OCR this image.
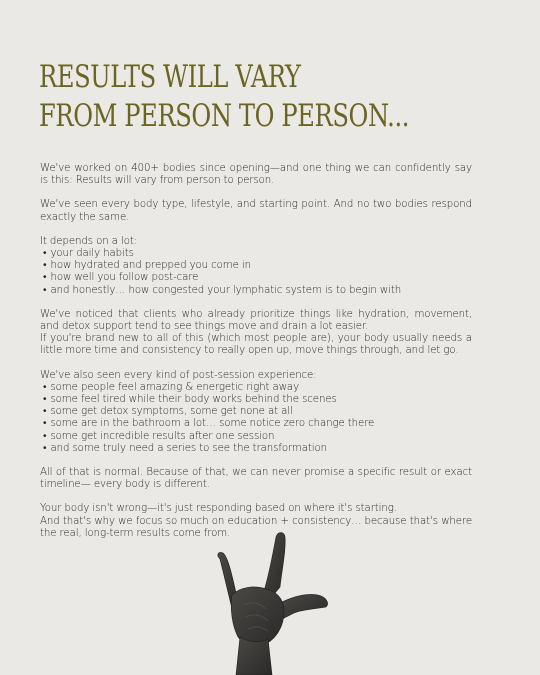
RESULTS WILL VARY
FROM PERSON TO PERSON...

We've worked on 400+ bodies since opening—and one thing we can confidently say is this: Results will vary from person to person.

We've seen every body type, lifestyle, and starting point. And no two bodies respond exactly the same.

It depends on a lot:

• your daily habits
• how hydrated and prepped you come in
• how well you follow post-care
• and honestly… how congested your lymphatic system is to begin with

We've noticed that clients who already prioritize things like hydration, movement, and detox support tend to see things move and drain a lot easier.

If you're brand new to all of this (which most people are), your body usually needs a little more time and consistency to really open up, move things through, and let go.

We've also seen every kind of post-session experience:

• some people feel amazing & energetic right away
• some feel tired while their body works behind the scenes
• some get detox symptoms, some get none at all
• some are in the bathroom a lot… some notice zero change there
• some get incredible results after one session
• and some truly need a series to see the transformation

All of that is normal. Because of that, we can never promise a specific result or exact timeline— every body is different.

Your body isn't wrong—it's just responding based on where it's starting.

And that's why we focus so much on education + consistency… because that's where the real, long-term results come from.
